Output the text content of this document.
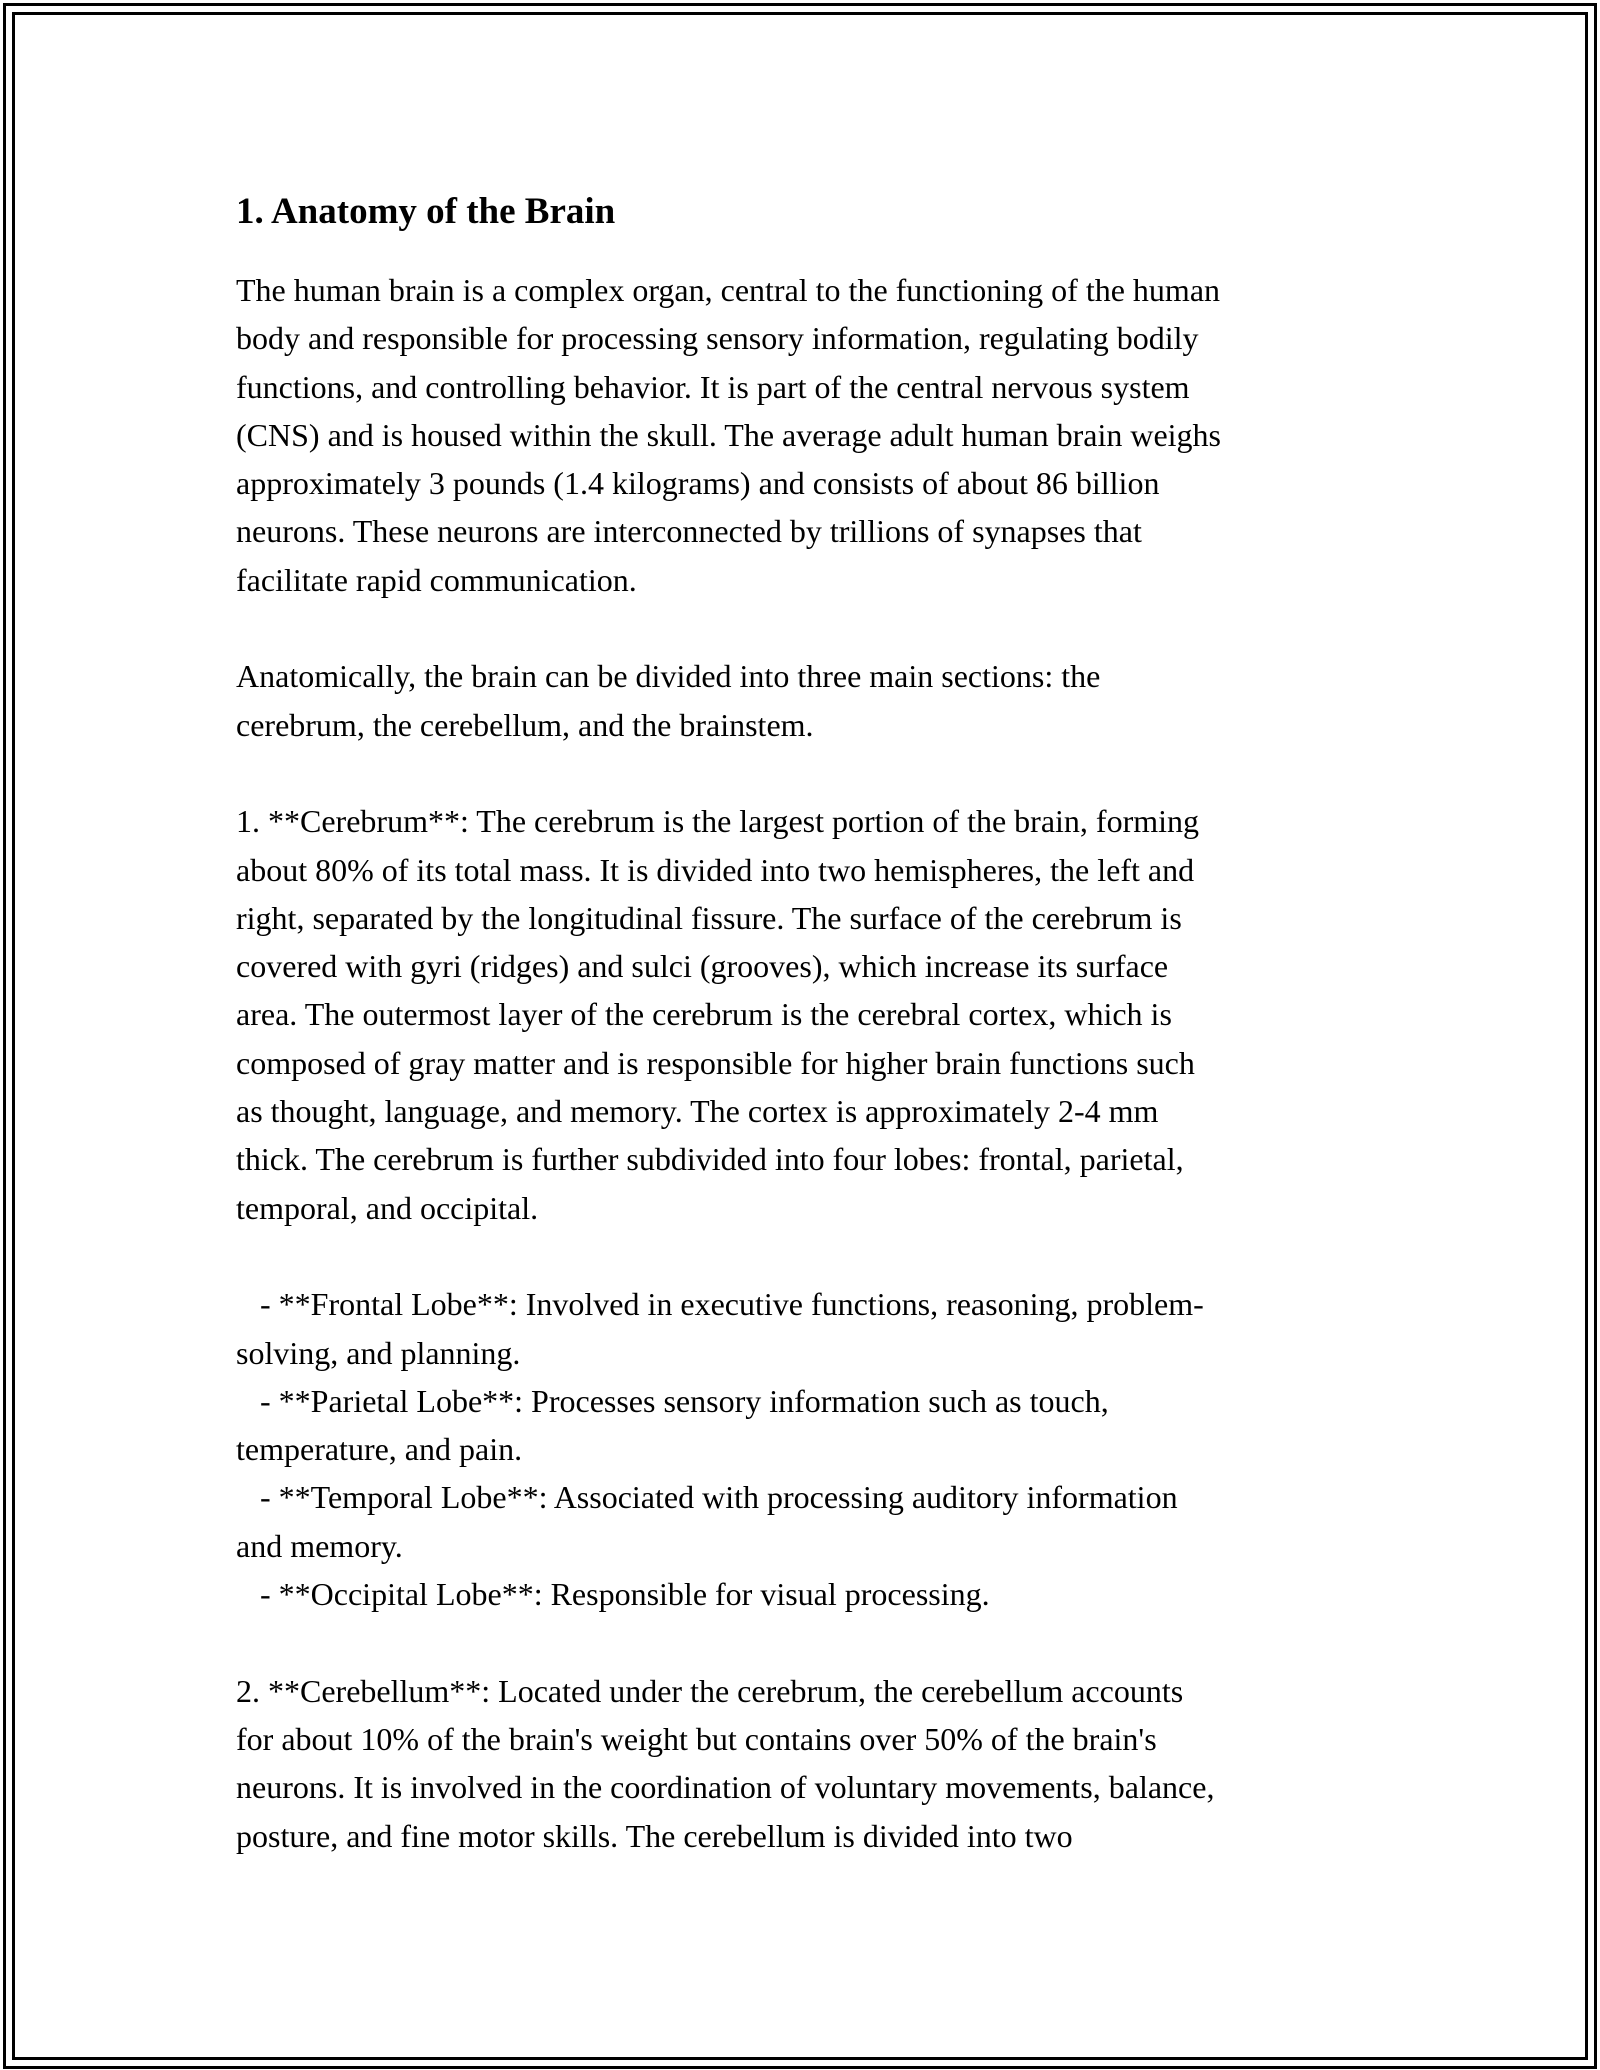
1. Anatomy of the Brain

The human brain is a complex organ, central to the functioning of the human
body and responsible for processing sensory information, regulating bodily
functions, and controlling behavior. It is part of the central nervous system
(CNS) and is housed within the skull. The average adult human brain weighs
approximately 3 pounds (1.4 kilograms) and consists of about 86 billion
neurons. These neurons are interconnected by trillions of synapses that
facilitate rapid communication.

Anatomically, the brain can be divided into three main sections: the
cerebrum, the cerebellum, and the brainstem.

1. **Cerebrum**: The cerebrum is the largest portion of the brain, forming
about 80% of its total mass. It is divided into two hemispheres, the left and
right, separated by the longitudinal fissure. The surface of the cerebrum is
covered with gyri (ridges) and sulci (grooves), which increase its surface
area. The outermost layer of the cerebrum is the cerebral cortex, which is
composed of gray matter and is responsible for higher brain functions such
as thought, language, and memory. The cortex is approximately 2-4 mm
thick. The cerebrum is further subdivided into four lobes: frontal, parietal,
temporal, and occipital.

- **Frontal Lobe**: Involved in executive functions, reasoning, problem-
solving, and planning.
- **Parietal Lobe**: Processes sensory information such as touch,
temperature, and pain.
- **Temporal Lobe**: Associated with processing auditory information
and memory.
- **Occipital Lobe**: Responsible for visual processing.

2. **Cerebellum**: Located under the cerebrum, the cerebellum accounts
for about 10% of the brain's weight but contains over 50% of the brain's
neurons. It is involved in the coordination of voluntary movements, balance,
posture, and fine motor skills. The cerebellum is divided into two
